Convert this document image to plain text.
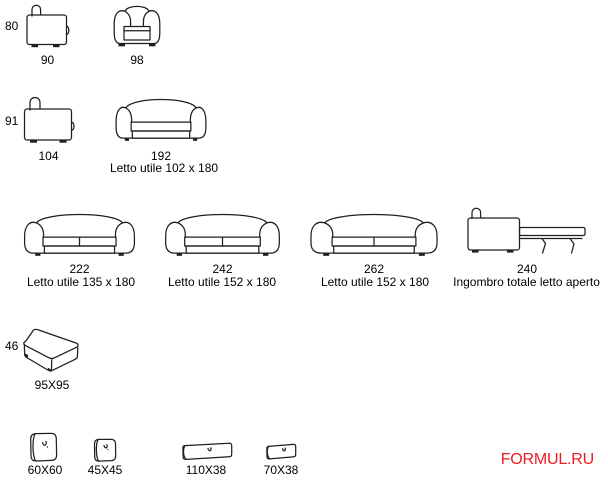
80
90	98
91
104	192
Letto utile 102 x 180
222
Letto utile 135 x 180
242
Letto utile 152 x 180
262
Letto utile 152 x 180
240
Ingombro totale letto aperto
46
95X95
60X60	45X45	110X38	70X38
FORMUL.RU
